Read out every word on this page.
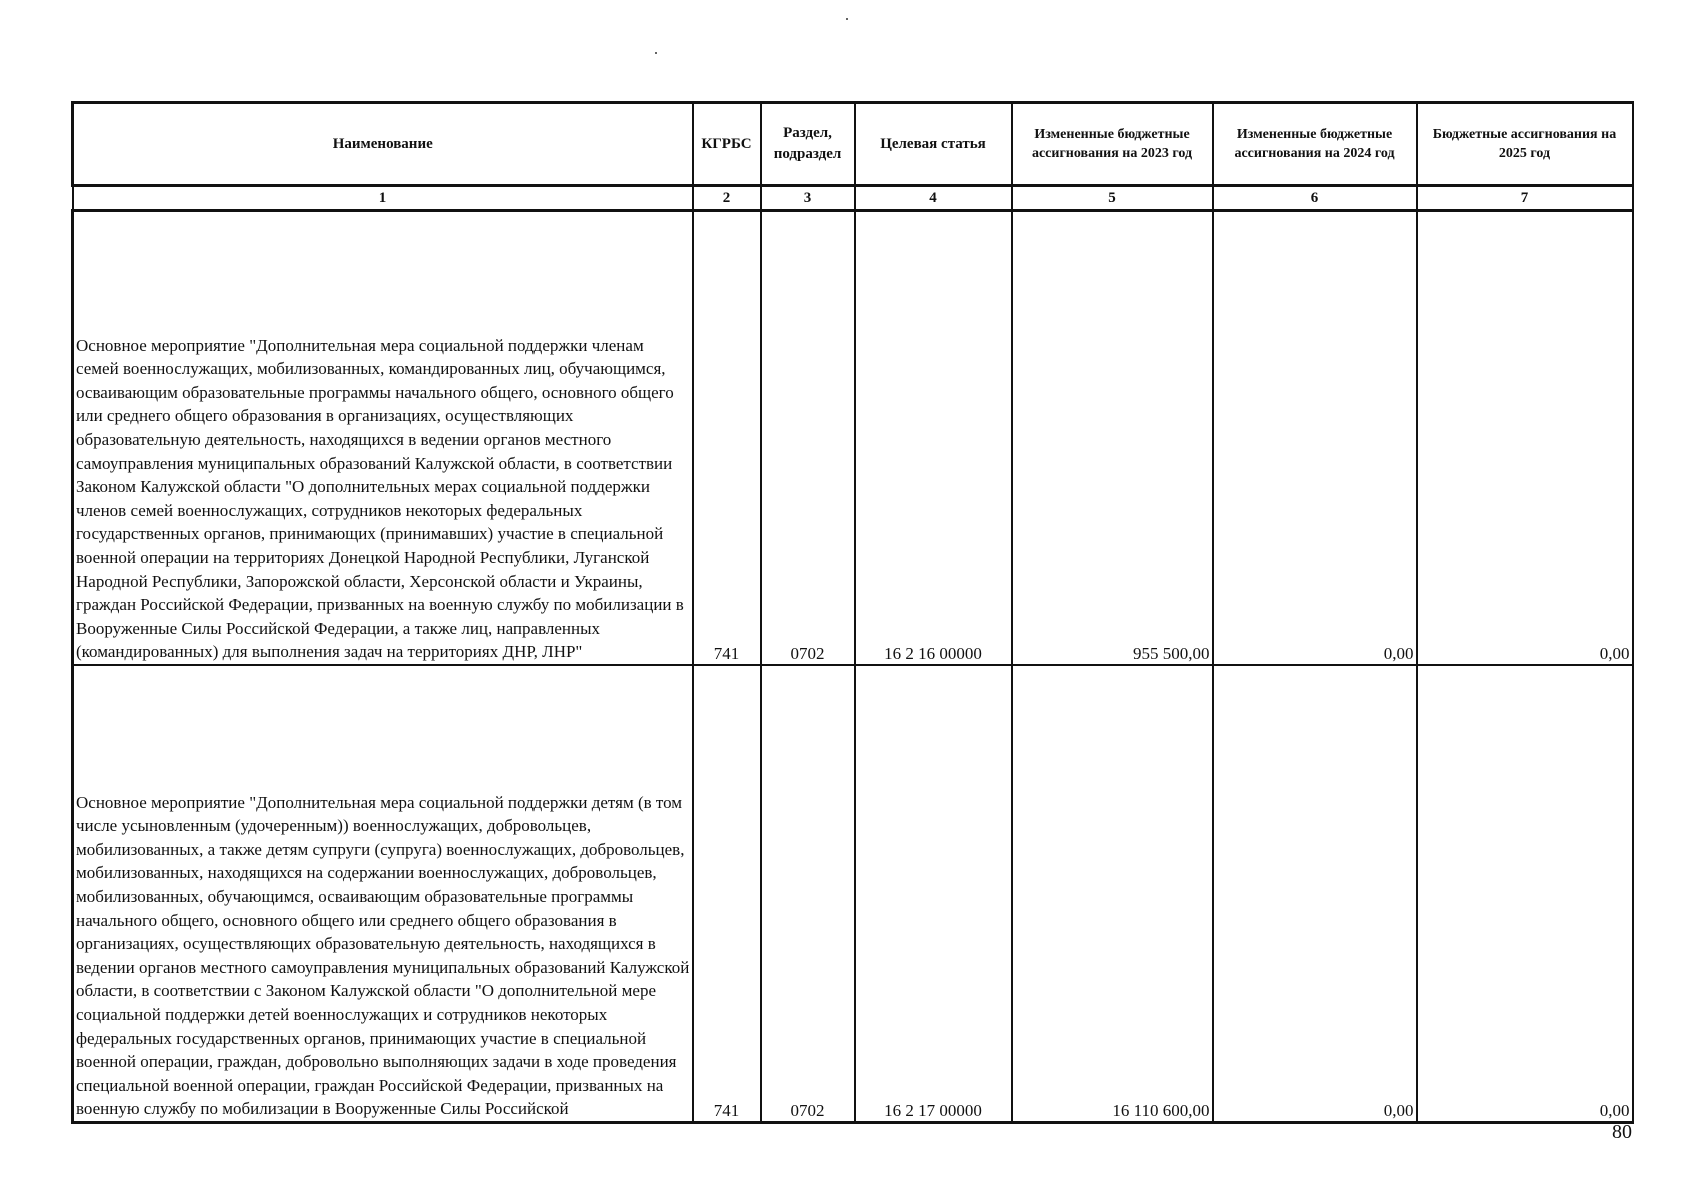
Наименование	КГРБС	Раздел, подраздел	Целевая статья	Измененные бюджетные ассигнования на 2023 год	Измененные бюджетные ассигнования на 2024 год	Бюджетные ассигнования на 2025 год
1	2	3	4	5	6	7
Основное мероприятие "Дополнительная мера социальной поддержки членам семей военнослужащих, мобилизованных, командированных лиц, обучающимся, осваивающим образовательные программы начального общего, основного общего или среднего общего образования в организациях, осуществляющих образовательную деятельность, находящихся в ведении органов местного самоуправления муниципальных образований Калужской области, в соответствии Законом Калужской области "О дополнительных мерах социальной поддержки членов семей военнослужащих, сотрудников некоторых федеральных государственных органов, принимающих (принимавших) участие в специальной военной операции на территориях Донецкой Народной Республики, Луганской Народной Республики, Запорожской области, Херсонской области и Украины, граждан Российской Федерации, призванных на военную службу по мобилизации в Вооруженные Силы Российской Федерации, а также лиц, направленных (командированных) для выполнения задач на территориях ДНР, ЛНР"	741	0702	16 2 16 00000	955 500,00	0,00	0,00
Основное мероприятие "Дополнительная мера социальной поддержки детям (в том числе усыновленным (удочеренным)) военнослужащих, добровольцев, мобилизованных, а также детям супруги (супруга) военнослужащих, добровольцев, мобилизованных, находящихся на содержании военнослужащих, добровольцев, мобилизованных, обучающимся, осваивающим образовательные программы начального общего, основного общего или среднего общего образования в организациях, осуществляющих образовательную деятельность, находящихся в ведении органов местного самоуправления муниципальных образований Калужской области, в соответствии с Законом Калужской области "О дополнительной мере социальной поддержки детей военнослужащих и сотрудников некоторых федеральных государственных органов, принимающих участие в специальной военной операции, граждан, добровольно выполняющих задачи в ходе проведения специальной военной операции, граждан Российской Федерации, призванных на военную службу по мобилизации в Вооруженные Силы Российской	741	0702	16 2 17 00000	16 110 600,00	0,00	0,00
80
